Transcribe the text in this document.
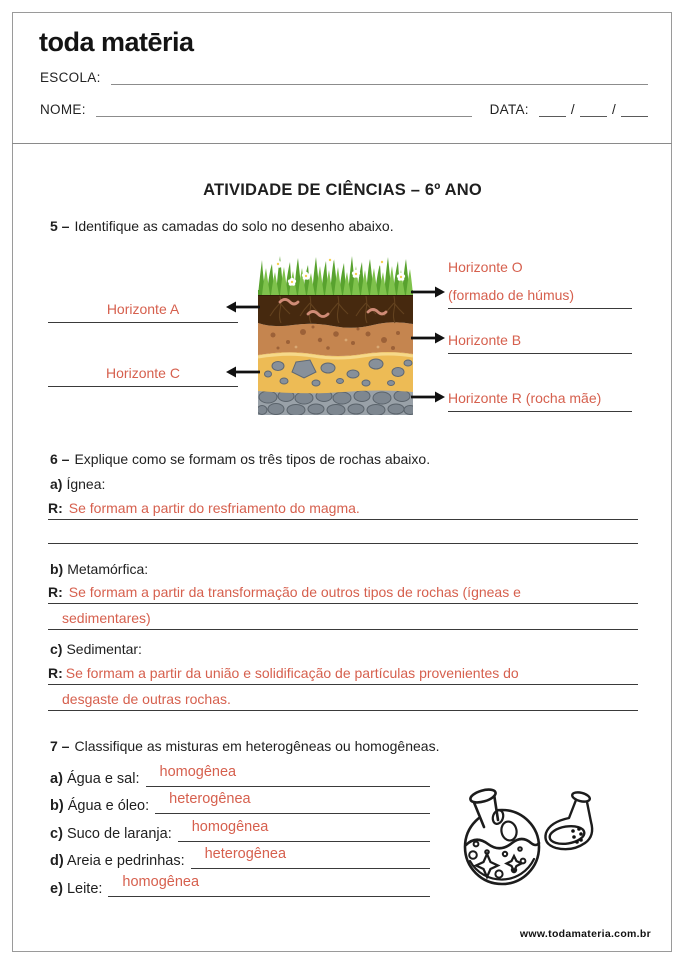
toda matēria
ESCOLA:
NOME:	DATA:	/	/
ATIVIDADE DE CIÊNCIAS – 6º ANO
5 – Identifique as camadas do solo no desenho abaixo.
Horizonte A
Horizonte C
Horizonte O
(formado de húmus)
Horizonte B
Horizonte R (rocha mãe)
6 – Explique como se formam os três tipos de rochas abaixo.
a) Ígnea:
R: Se formam a partir do resfriamento do magma.
b) Metamórfica:
R: Se formam a partir da transformação de outros tipos de rochas (ígneas e
sedimentares)
c) Sedimentar:
R: Se formam a partir da união e solidificação de partículas provenientes do
desgaste de outras rochas.
7 – Classifique as misturas em heterogêneas ou homogêneas.
a) Água e sal:	homogênea
b) Água e óleo:	heterogênea
c) Suco de laranja:	homogênea
d) Areia e pedrinhas:	heterogênea
e) Leite:	homogênea
www.todamateria.com.br
